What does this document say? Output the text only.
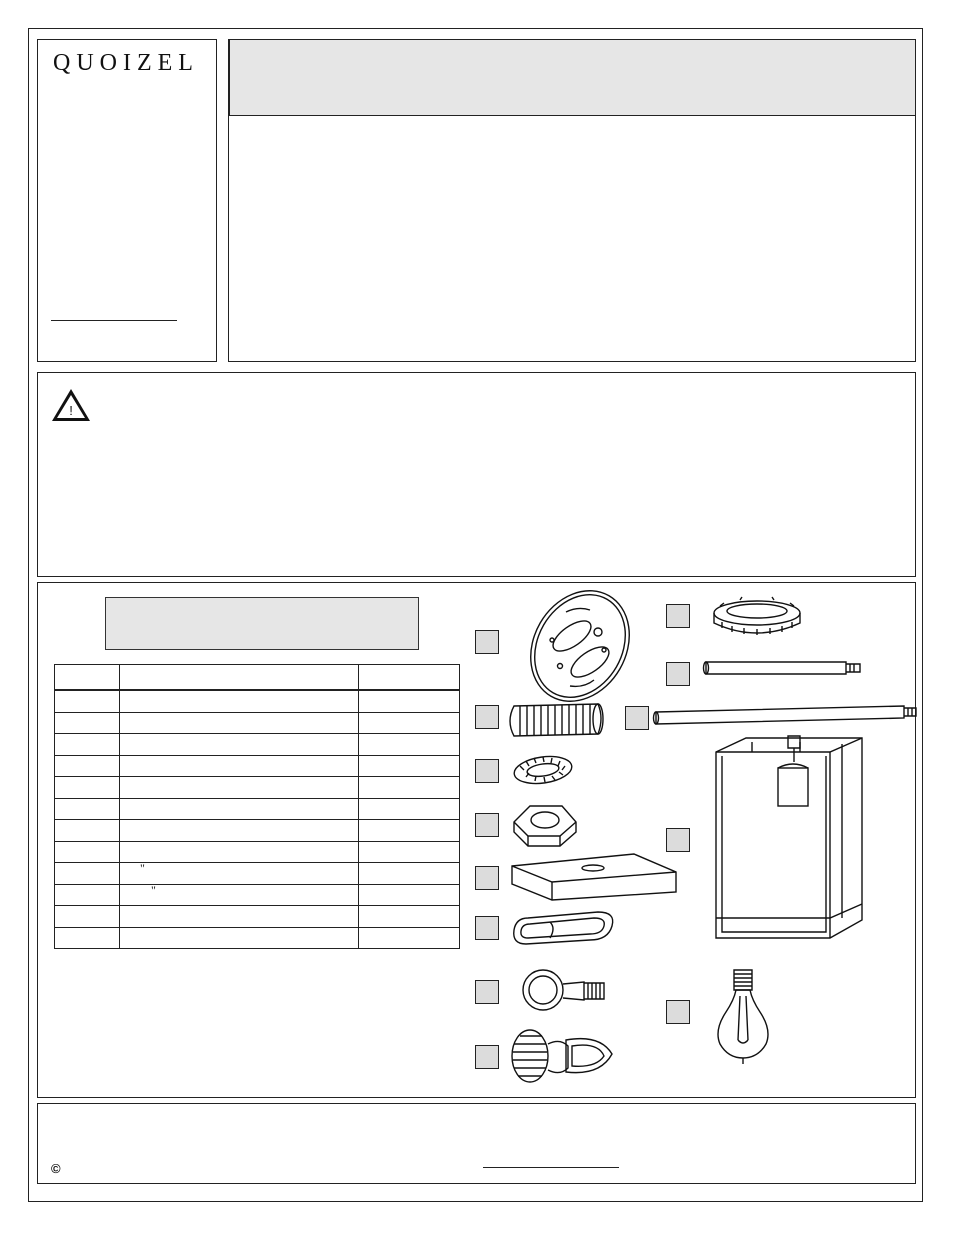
QUOIZEL
!

	"	

	"	

©
